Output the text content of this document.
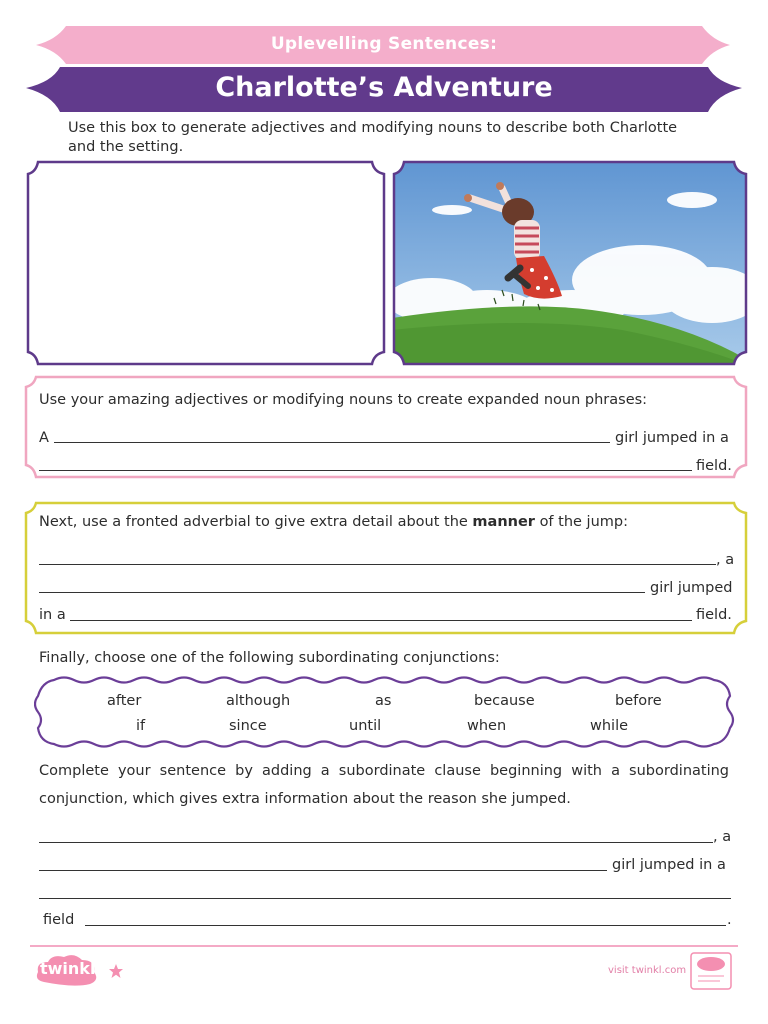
Uplevelling Sentences:
Charlotte’s Adventure
Use this box to generate adjectives and modifying nouns to describe both Charlotte
and the setting.
Use your amazing adjectives or modifying nouns to create expanded noun phrases:
A	girl jumped in a
field.
Next, use a fronted adverbial to give extra detail about the manner of the jump:
, a
girl jumped
in a	field.
Finally, choose one of the following subordinating conjunctions:
after	although	as	because	before
if	since	until	when	while
Complete your sentence by adding a subordinate clause beginning with a subordinating
conjunction, which gives extra information about the reason she jumped.
, a
girl jumped in a
field	.
twinkl	visit twinkl.com
